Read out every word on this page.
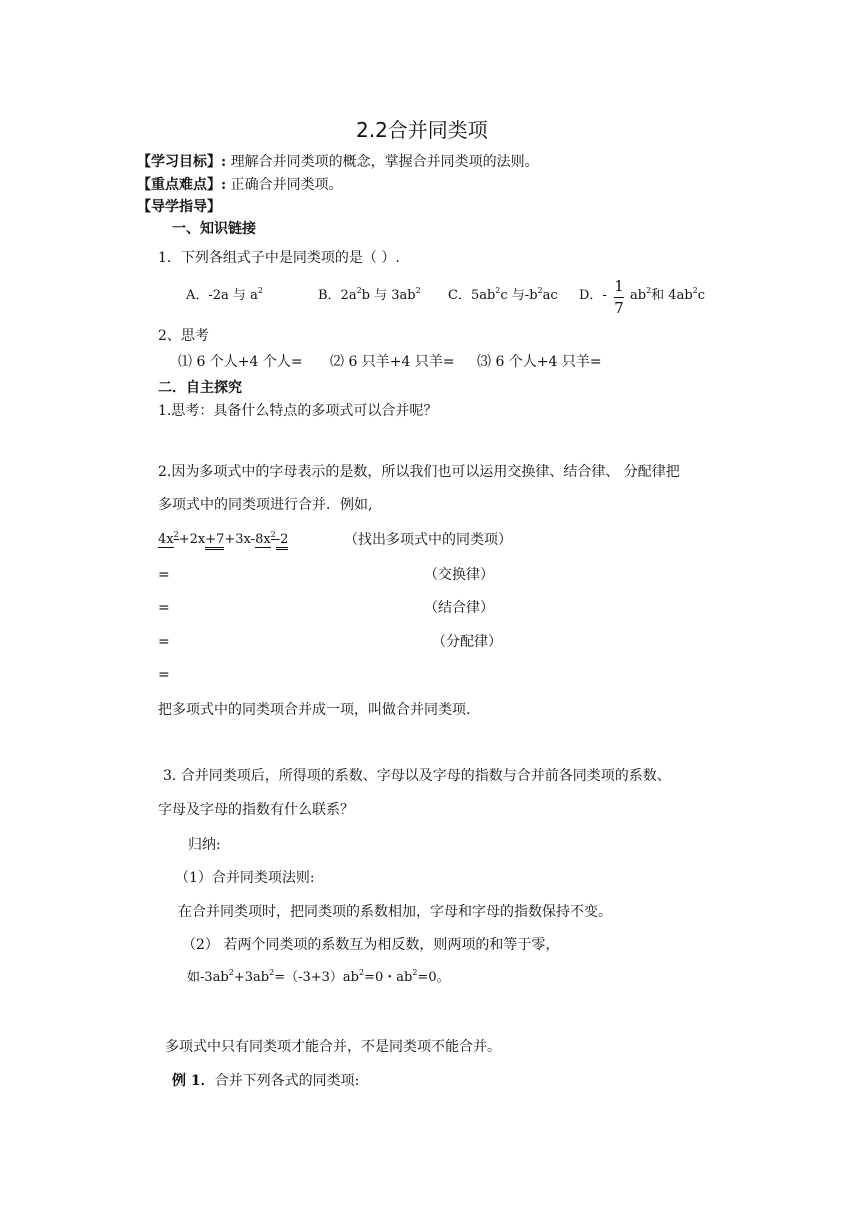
2.2合并同类项
【学习目标】: 理解合并同类项的概念，掌握合并同类项的法则。
【重点难点】: 正确合并同类项。
【导学指导】
一、知识链接
1．下列各组式子中是同类项的是（ ）.
A．-2a 与 $a^2$	B．$2a^2b$ 与 $3ab^2$ C．$5ab^2c$ 与$-b^2ac$ D．-
1
7
$ab^2$和 $4ab^2c$
2、思考
⑴ 6 个人+4 个人= ⑵ 6 只羊+4 只羊= ⑶ 6 个人+4 只羊=
二．自主探究
1.思考：具备什么特点的多项式可以合并呢？
2.因为多项式中的字母表示的是数，所以我们也可以运用交换律、结合律、 分配律把
多项式中的同类项进行合并．例如,
$4x^2+2x+7+3x-8x^2-2$	（找出多项式中的同类项）
=	（交换律）
=	（结合律）
=	（分配律）
=
把多项式中的同类项合并成一项，叫做合并同类项.
3. 合并同类项后，所得项的系数、字母以及字母的指数与合并前各同类项的系数、
字母及字母的指数有什么联系？
归纳:
（1）合并同类项法则:
在合并同类项时，把同类项的系数相加，字母和字母的指数保持不变。
（2） 若两个同类项的系数互为相反数，则两项的和等于零，
如$-3ab^2+3ab^2=(-3+3)ab^2=0$・$ab^2=0$。
多项式中只有同类项才能合并，不是同类项不能合并。
例 1．合并下列各式的同类项:
